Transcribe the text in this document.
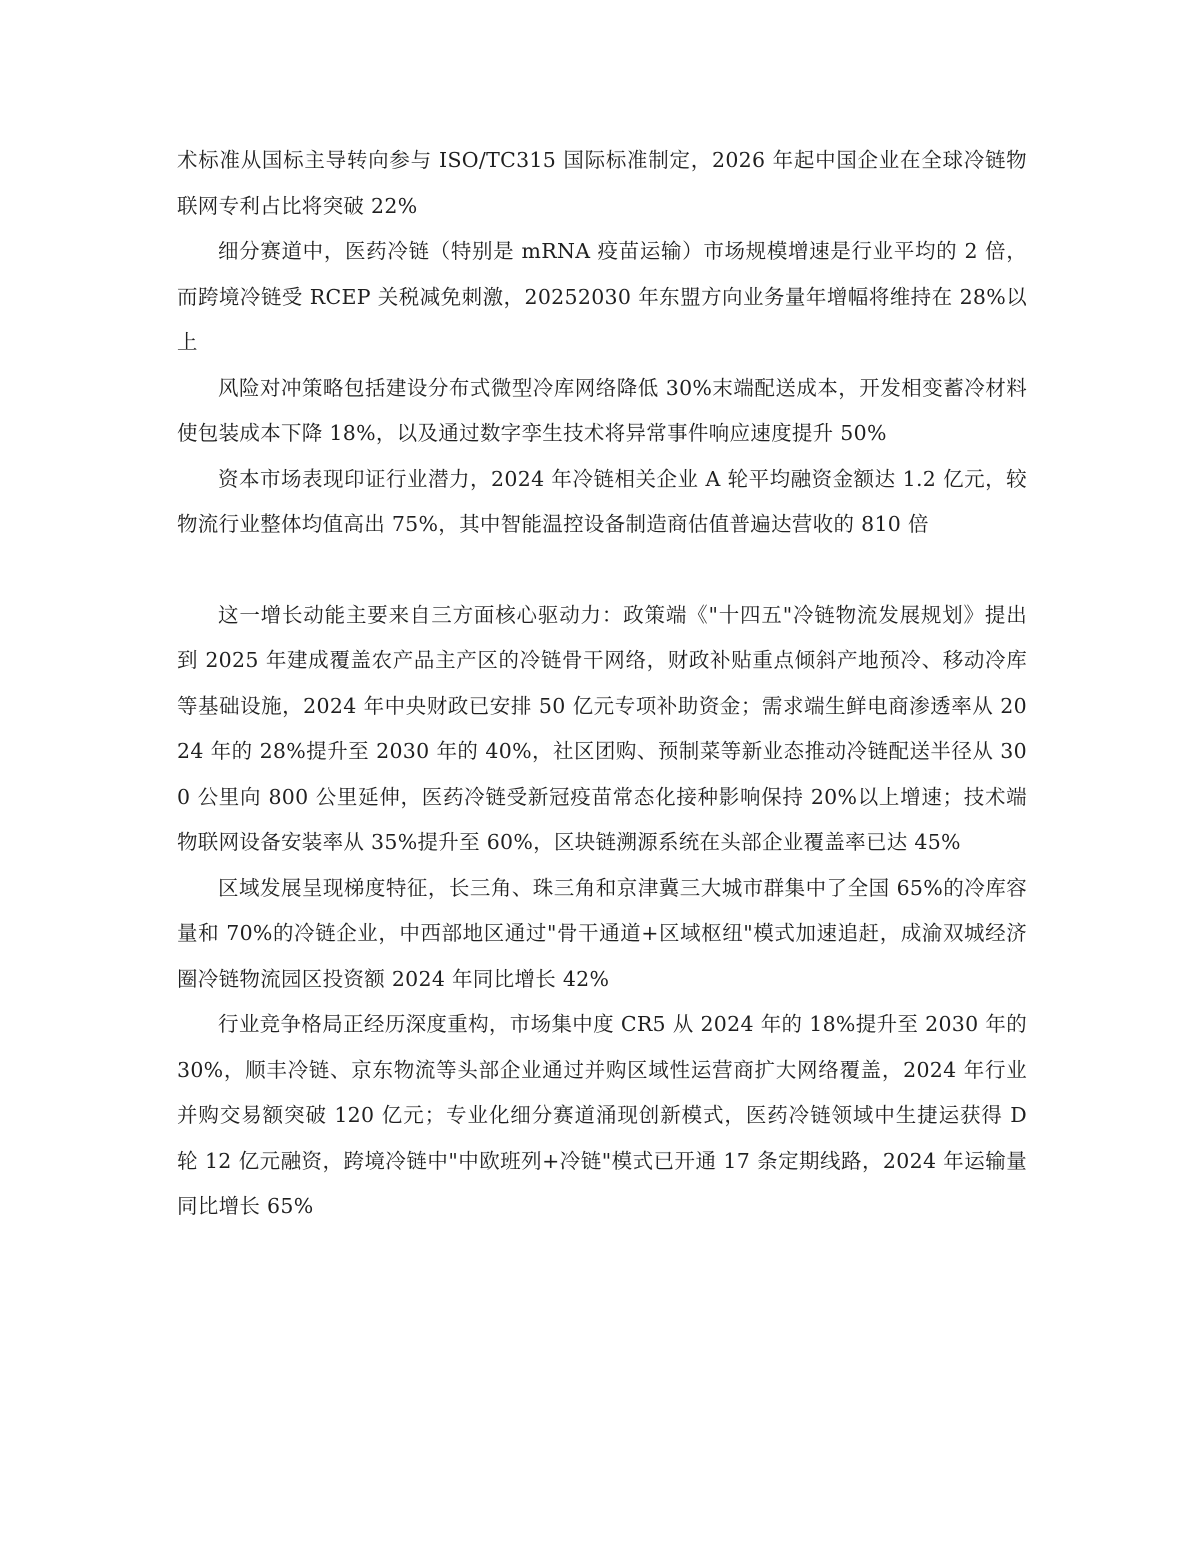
术标准从国标主导转向参与 ISO/TC315 国际标准制定，2026 年起中国企业在全球冷链物联网专利占比将突破 22%

细分赛道中，医药冷链（特别是 mRNA 疫苗运输）市场规模增速是行业平均的 2 倍，而跨境冷链受 RCEP 关税减免刺激，20252030 年东盟方向业务量年增幅将维持在 28%以上

风险对冲策略包括建设分布式微型冷库网络降低 30%末端配送成本，开发相变蓄冷材料使包装成本下降 18%，以及通过数字孪生技术将异常事件响应速度提升 50%

资本市场表现印证行业潜力，2024 年冷链相关企业 A 轮平均融资金额达 1.2 亿元，较物流行业整体均值高出 75%，其中智能温控设备制造商估值普遍达营收的 810 倍

这一增长动能主要来自三方面核心驱动力：政策端《"十四五"冷链物流发展规划》提出到 2025 年建成覆盖农产品主产区的冷链骨干网络，财政补贴重点倾斜产地预冷、移动冷库等基础设施，2024 年中央财政已安排 50 亿元专项补助资金；需求端生鲜电商渗透率从 2024 年的 28%提升至 2030 年的 40%，社区团购、预制菜等新业态推动冷链配送半径从 300 公里向 800 公里延伸，医药冷链受新冠疫苗常态化接种影响保持 20%以上增速；技术端物联网设备安装率从 35%提升至 60%，区块链溯源系统在头部企业覆盖率已达 45%

区域发展呈现梯度特征，长三角、珠三角和京津冀三大城市群集中了全国 65%的冷库容量和 70%的冷链企业，中西部地区通过"骨干通道+区域枢纽"模式加速追赶，成渝双城经济圈冷链物流园区投资额 2024 年同比增长 42%

行业竞争格局正经历深度重构，市场集中度 CR5 从 2024 年的 18%提升至 2030 年的 30%，顺丰冷链、京东物流等头部企业通过并购区域性运营商扩大网络覆盖，2024 年行业并购交易额突破 120 亿元；专业化细分赛道涌现创新模式，医药冷链领域中生捷运获得 D 轮 12 亿元融资，跨境冷链中"中欧班列+冷链"模式已开通 17 条定期线路，2024 年运输量同比增长 65%
